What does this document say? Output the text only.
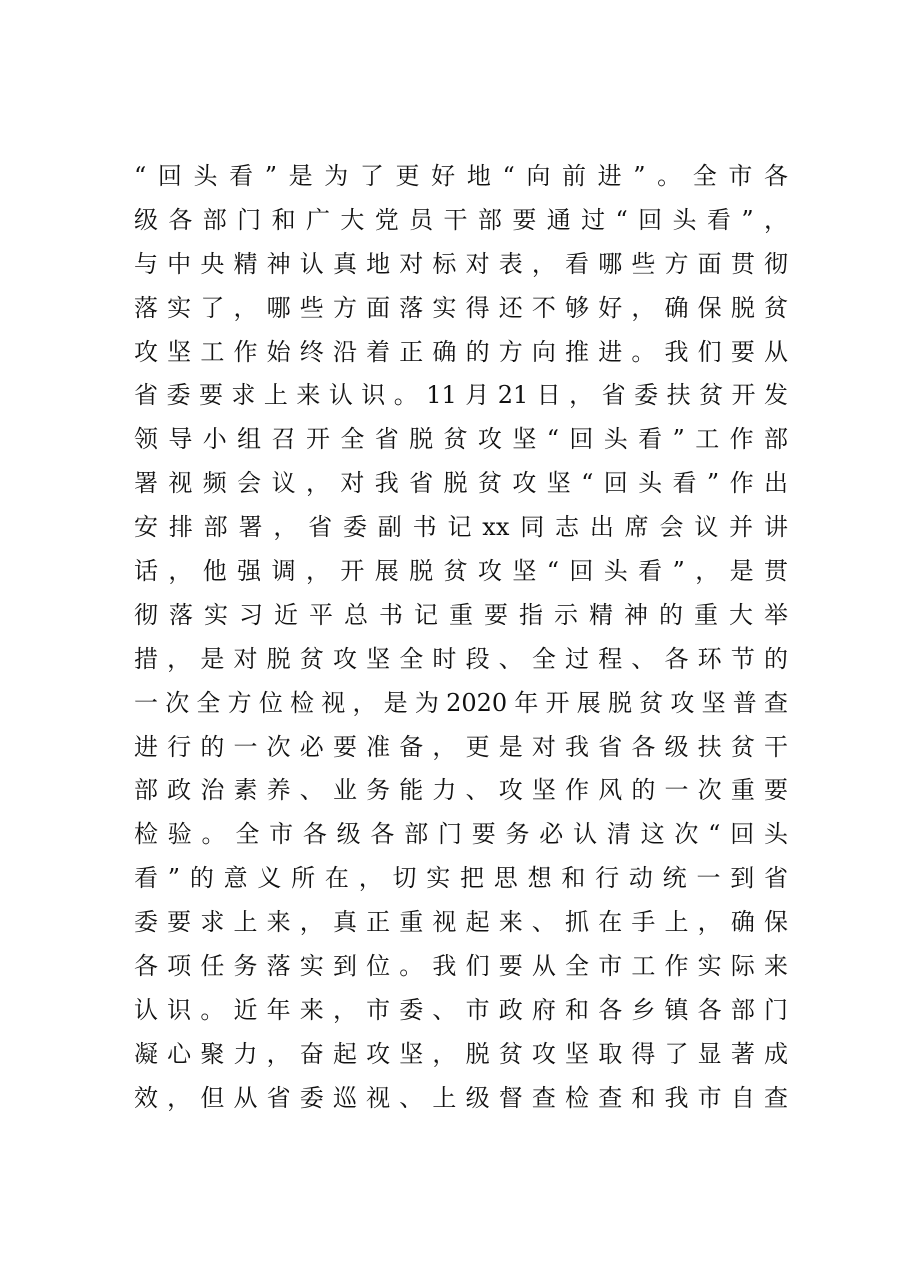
“回头看”是为了更好地“向前进”。全市各
级各部门和广大党员干部要通过“回头看”，
与中央精神认真地对标对表，看哪些方面贯彻
落实了，哪些方面落实得还不够好，确保脱贫
攻坚工作始终沿着正确的方向推进。我们要从
省委要求上来认识。11月21日，省委扶贫开发
领导小组召开全省脱贫攻坚“回头看”工作部
署视频会议，对我省脱贫攻坚“回头看”作出
安排部署，省委副书记xx同志出席会议并讲
话，他强调，开展脱贫攻坚“回头看”，是贯
彻落实习近平总书记重要指示精神的重大举
措，是对脱贫攻坚全时段、全过程、各环节的
一次全方位检视，是为2020年开展脱贫攻坚普查
进行的一次必要准备，更是对我省各级扶贫干
部政治素养、业务能力、攻坚作风的一次重要
检验。全市各级各部门要务必认清这次“回头
看”的意义所在，切实把思想和行动统一到省
委要求上来，真正重视起来、抓在手上，确保
各项任务落实到位。我们要从全市工作实际来
认识。近年来，市委、市政府和各乡镇各部门
凝心聚力，奋起攻坚，脱贫攻坚取得了显著成
效，但从省委巡视、上级督查检查和我市自查
